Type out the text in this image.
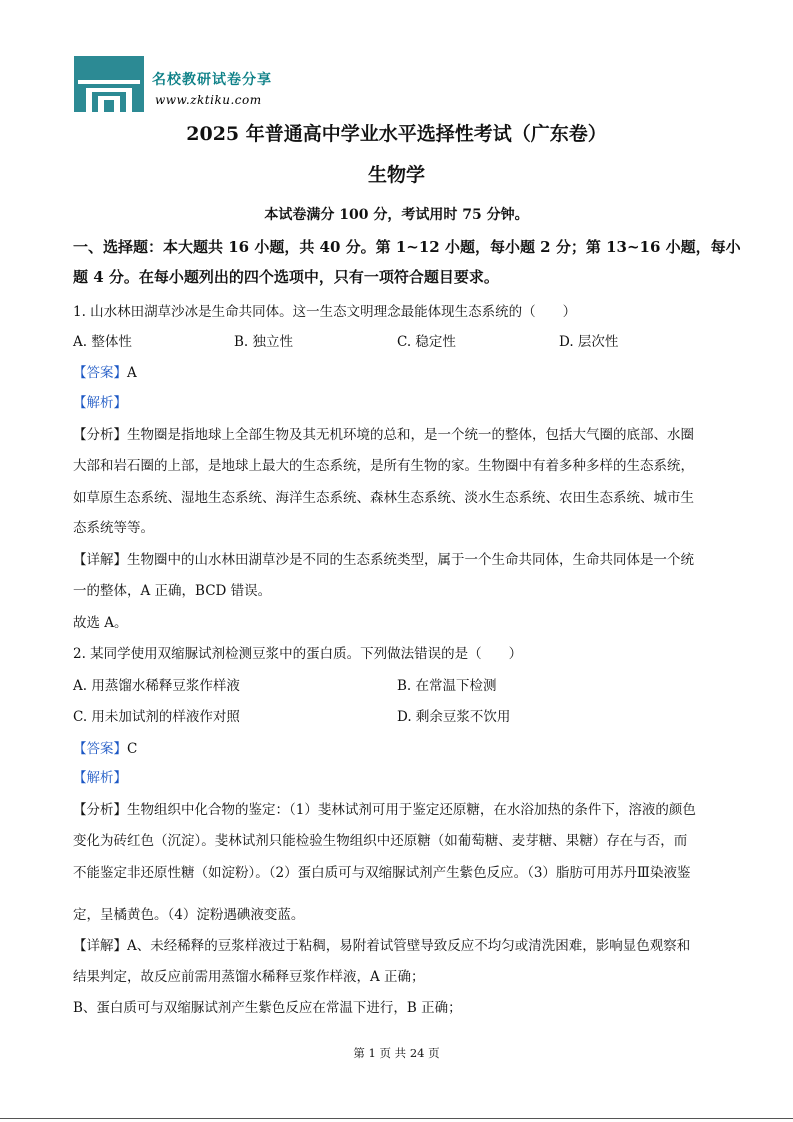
名校教研试卷分享
www.zktiku.com
2025 年普通高中学业水平选择性考试（广东卷）
生物学
本试卷满分 100 分，考试用时 75 分钟。
一、选择题：本大题共 16 小题，共 40 分。第 1~12 小题，每小题 2 分；第 13~16 小题，每小
题 4 分。在每小题列出的四个选项中，只有一项符合题目要求。
1. 山水林田湖草沙冰是生命共同体。这一生态文明理念最能体现生态系统的（　　）
A. 整体性	B. 独立性	C. 稳定性	D. 层次性
【答案】A
【解析】
【分析】生物圈是指地球上全部生物及其无机环境的总和，是一个统一的整体，包括大气圈的底部、水圈
大部和岩石圈的上部，是地球上最大的生态系统，是所有生物的家。生物圈中有着多种多样的生态系统，
如草原生态系统、湿地生态系统、海洋生态系统、森林生态系统、淡水生态系统、农田生态系统、城市生
态系统等等。
【详解】生物圈中的山水林田湖草沙是不同的生态系统类型，属于一个生命共同体，生命共同体是一个统
一的整体，A 正确，BCD 错误。
故选 A。
2. 某同学使用双缩脲试剂检测豆浆中的蛋白质。下列做法错误的是（　　）
A. 用蒸馏水稀释豆浆作样液	B. 在常温下检测
C. 用未加试剂的样液作对照	D. 剩余豆浆不饮用
【答案】C
【解析】
【分析】生物组织中化合物的鉴定：（1）斐林试剂可用于鉴定还原糖，在水浴加热的条件下，溶液的颜色
变化为砖红色（沉淀）。斐林试剂只能检验生物组织中还原糖（如葡萄糖、麦芽糖、果糖）存在与否，而
不能鉴定非还原性糖（如淀粉）。（2）蛋白质可与双缩脲试剂产生紫色反应。（3）脂肪可用苏丹Ⅲ染液鉴
定，呈橘黄色。（4）淀粉遇碘液变蓝。
【详解】A、未经稀释的豆浆样液过于粘稠，易附着试管壁导致反应不均匀或清洗困难，影响显色观察和
结果判定，故反应前需用蒸馏水稀释豆浆作样液，A 正确；
B、蛋白质可与双缩脲试剂产生紫色反应在常温下进行，B 正确；
第 1 页 共 24 页
